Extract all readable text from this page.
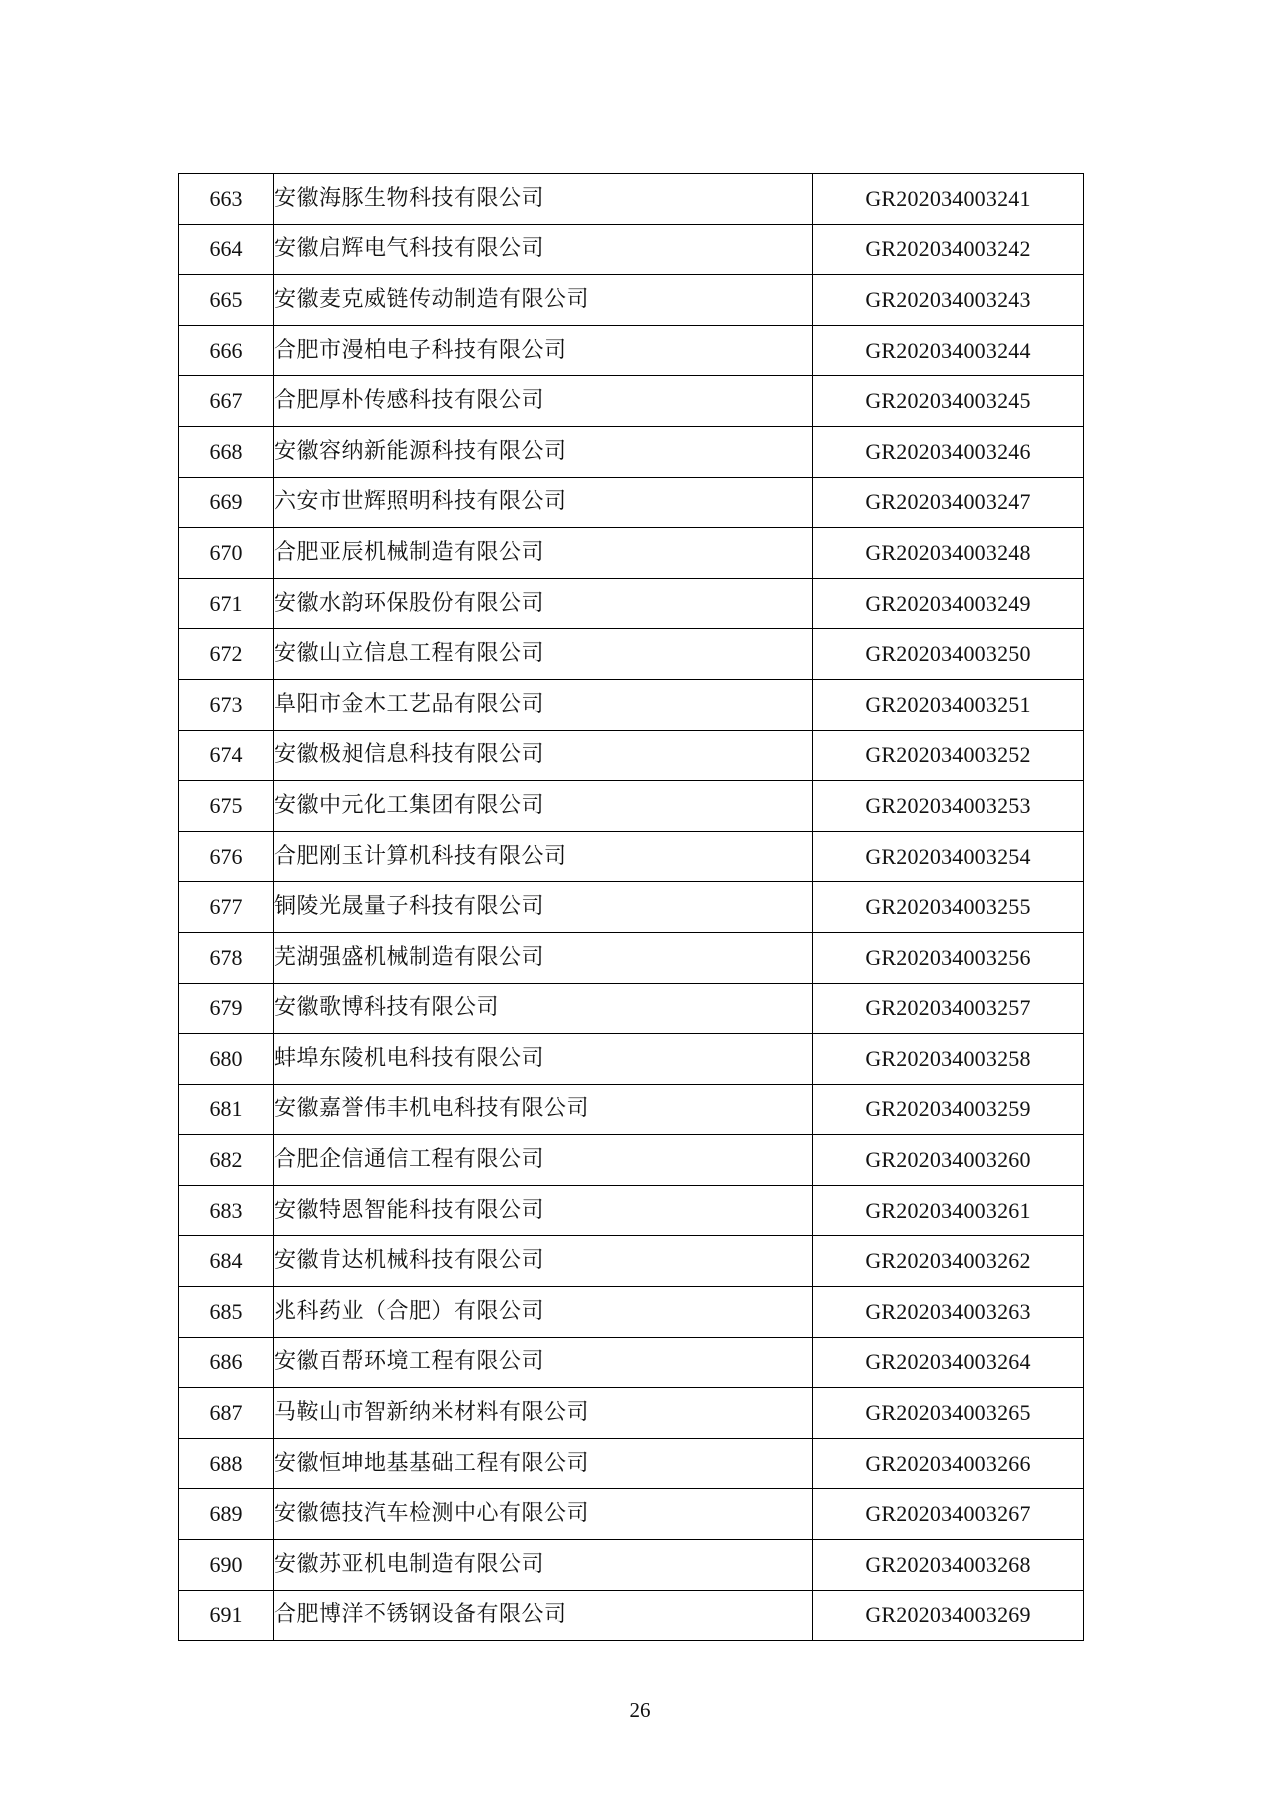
663	安徽海豚生物科技有限公司	GR202034003241
664	安徽启辉电气科技有限公司	GR202034003242
665	安徽麦克威链传动制造有限公司	GR202034003243
666	合肥市漫柏电子科技有限公司	GR202034003244
667	合肥厚朴传感科技有限公司	GR202034003245
668	安徽容纳新能源科技有限公司	GR202034003246
669	六安市世辉照明科技有限公司	GR202034003247
670	合肥亚辰机械制造有限公司	GR202034003248
671	安徽水韵环保股份有限公司	GR202034003249
672	安徽山立信息工程有限公司	GR202034003250
673	阜阳市金木工艺品有限公司	GR202034003251
674	安徽极昶信息科技有限公司	GR202034003252
675	安徽中元化工集团有限公司	GR202034003253
676	合肥刚玉计算机科技有限公司	GR202034003254
677	铜陵光晟量子科技有限公司	GR202034003255
678	芜湖强盛机械制造有限公司	GR202034003256
679	安徽歌博科技有限公司	GR202034003257
680	蚌埠东陵机电科技有限公司	GR202034003258
681	安徽嘉誉伟丰机电科技有限公司	GR202034003259
682	合肥企信通信工程有限公司	GR202034003260
683	安徽特恩智能科技有限公司	GR202034003261
684	安徽肯达机械科技有限公司	GR202034003262
685	兆科药业（合肥）有限公司	GR202034003263
686	安徽百帮环境工程有限公司	GR202034003264
687	马鞍山市智新纳米材料有限公司	GR202034003265
688	安徽恒坤地基基础工程有限公司	GR202034003266
689	安徽德技汽车检测中心有限公司	GR202034003267
690	安徽苏亚机电制造有限公司	GR202034003268
691	合肥博洋不锈钢设备有限公司	GR202034003269
26
